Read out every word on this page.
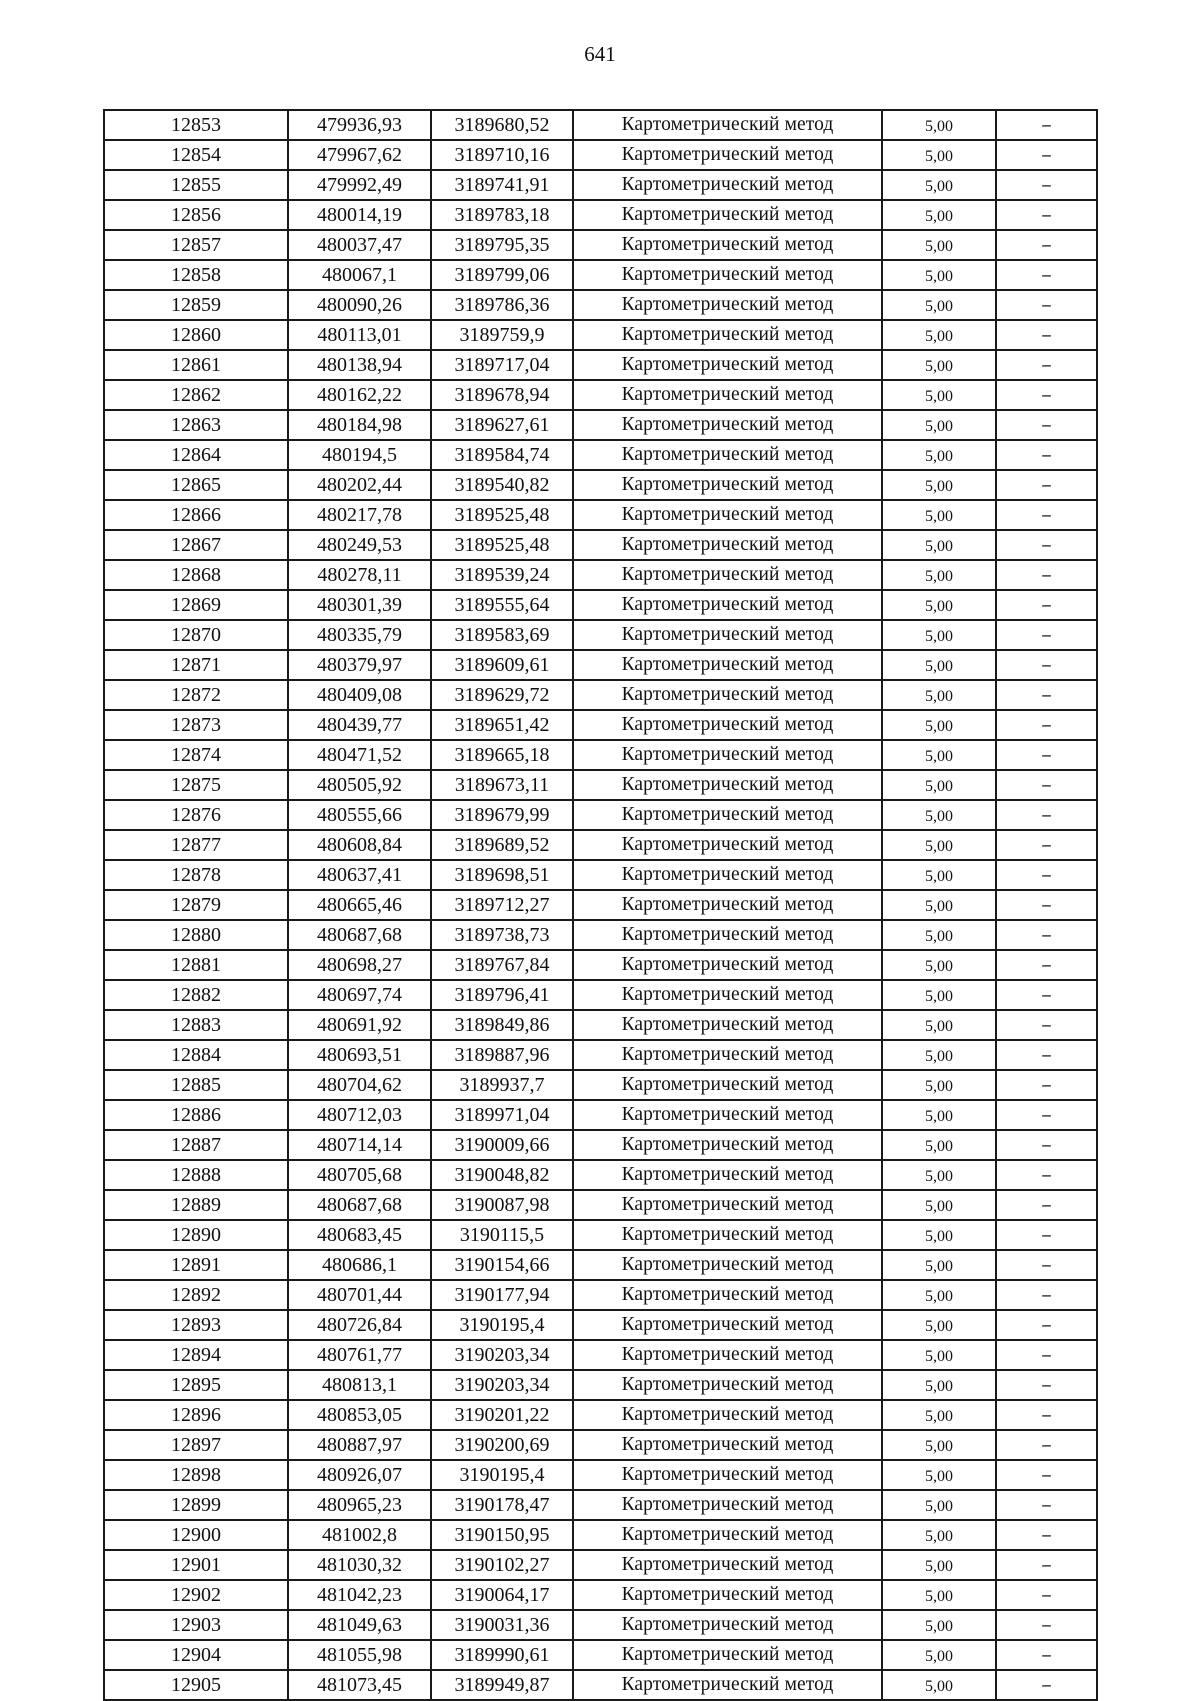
641
12853	479936,93	3189680,52	Картометрический метод	5,00	–
12854	479967,62	3189710,16	Картометрический метод	5,00	–
12855	479992,49	3189741,91	Картометрический метод	5,00	–
12856	480014,19	3189783,18	Картометрический метод	5,00	–
12857	480037,47	3189795,35	Картометрический метод	5,00	–
12858	480067,1	3189799,06	Картометрический метод	5,00	–
12859	480090,26	3189786,36	Картометрический метод	5,00	–
12860	480113,01	3189759,9	Картометрический метод	5,00	–
12861	480138,94	3189717,04	Картометрический метод	5,00	–
12862	480162,22	3189678,94	Картометрический метод	5,00	–
12863	480184,98	3189627,61	Картометрический метод	5,00	–
12864	480194,5	3189584,74	Картометрический метод	5,00	–
12865	480202,44	3189540,82	Картометрический метод	5,00	–
12866	480217,78	3189525,48	Картометрический метод	5,00	–
12867	480249,53	3189525,48	Картометрический метод	5,00	–
12868	480278,11	3189539,24	Картометрический метод	5,00	–
12869	480301,39	3189555,64	Картометрический метод	5,00	–
12870	480335,79	3189583,69	Картометрический метод	5,00	–
12871	480379,97	3189609,61	Картометрический метод	5,00	–
12872	480409,08	3189629,72	Картометрический метод	5,00	–
12873	480439,77	3189651,42	Картометрический метод	5,00	–
12874	480471,52	3189665,18	Картометрический метод	5,00	–
12875	480505,92	3189673,11	Картометрический метод	5,00	–
12876	480555,66	3189679,99	Картометрический метод	5,00	–
12877	480608,84	3189689,52	Картометрический метод	5,00	–
12878	480637,41	3189698,51	Картометрический метод	5,00	–
12879	480665,46	3189712,27	Картометрический метод	5,00	–
12880	480687,68	3189738,73	Картометрический метод	5,00	–
12881	480698,27	3189767,84	Картометрический метод	5,00	–
12882	480697,74	3189796,41	Картометрический метод	5,00	–
12883	480691,92	3189849,86	Картометрический метод	5,00	–
12884	480693,51	3189887,96	Картометрический метод	5,00	–
12885	480704,62	3189937,7	Картометрический метод	5,00	–
12886	480712,03	3189971,04	Картометрический метод	5,00	–
12887	480714,14	3190009,66	Картометрический метод	5,00	–
12888	480705,68	3190048,82	Картометрический метод	5,00	–
12889	480687,68	3190087,98	Картометрический метод	5,00	–
12890	480683,45	3190115,5	Картометрический метод	5,00	–
12891	480686,1	3190154,66	Картометрический метод	5,00	–
12892	480701,44	3190177,94	Картометрический метод	5,00	–
12893	480726,84	3190195,4	Картометрический метод	5,00	–
12894	480761,77	3190203,34	Картометрический метод	5,00	–
12895	480813,1	3190203,34	Картометрический метод	5,00	–
12896	480853,05	3190201,22	Картометрический метод	5,00	–
12897	480887,97	3190200,69	Картометрический метод	5,00	–
12898	480926,07	3190195,4	Картометрический метод	5,00	–
12899	480965,23	3190178,47	Картометрический метод	5,00	–
12900	481002,8	3190150,95	Картометрический метод	5,00	–
12901	481030,32	3190102,27	Картометрический метод	5,00	–
12902	481042,23	3190064,17	Картометрический метод	5,00	–
12903	481049,63	3190031,36	Картометрический метод	5,00	–
12904	481055,98	3189990,61	Картометрический метод	5,00	–
12905	481073,45	3189949,87	Картометрический метод	5,00	–
